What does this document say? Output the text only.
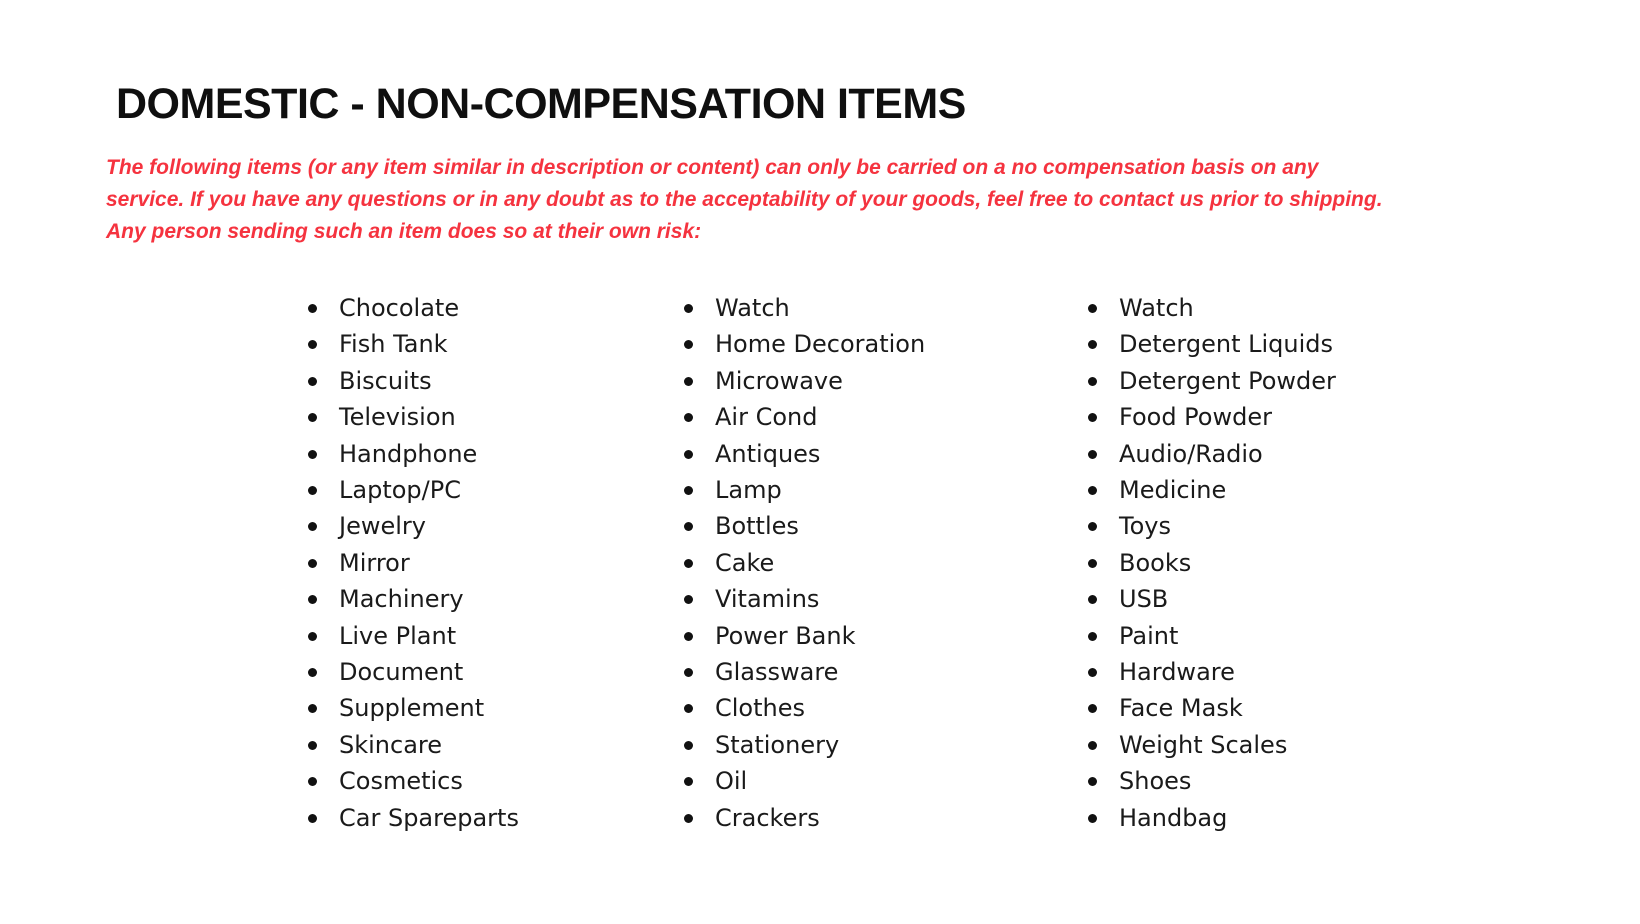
DOMESTIC - NON-COMPENSATION ITEMS
The following items (or any item similar in description or content) can only be carried on a no compensation basis on any
service. If you have any questions or in any doubt as to the acceptability of your goods, feel free to contact us prior to shipping.
Any person sending such an item does so at their own risk:
Chocolate
Fish Tank
Biscuits
Television
Handphone
Laptop/PC
Jewelry
Mirror
Machinery
Live Plant
Document
Supplement
Skincare
Cosmetics
Car Spareparts
Watch
Home Decoration
Microwave
Air Cond
Antiques
Lamp
Bottles
Cake
Vitamins
Power Bank
Glassware
Clothes
Stationery
Oil
Crackers
Watch
Detergent Liquids
Detergent Powder
Food Powder
Audio/Radio
Medicine
Toys
Books
USB
Paint
Hardware
Face Mask
Weight Scales
Shoes
Handbag
